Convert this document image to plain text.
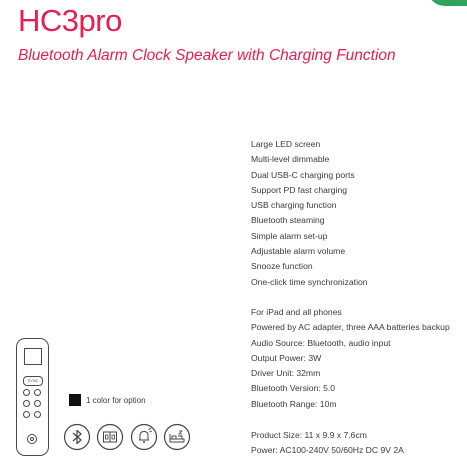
HC3pro
Bluetooth Alarm Clock Speaker with Charging Function
Large LED screen
Multi-level dimmable
Dual USB-C charging ports
Support PD fast charging
USB charging function
Bluetooth steaming
Simple alarm set-up
Adjustable alarm volume
Snooze function
One-click time synchronization
For iPad and all phones
Powered by AC adapter, three AAA batteries backup
Audio Source: Bluetooth, audio input
Output Power: 3W
Driver Unit: 32mm
Bluetooth Version: 5.0
Bluetooth Range: 10m
Product Size: 11 x 9.9 x 7.6cm
Power: AC100-240V 50/60Hz DC 9V 2A
SYNC
1 color for option
